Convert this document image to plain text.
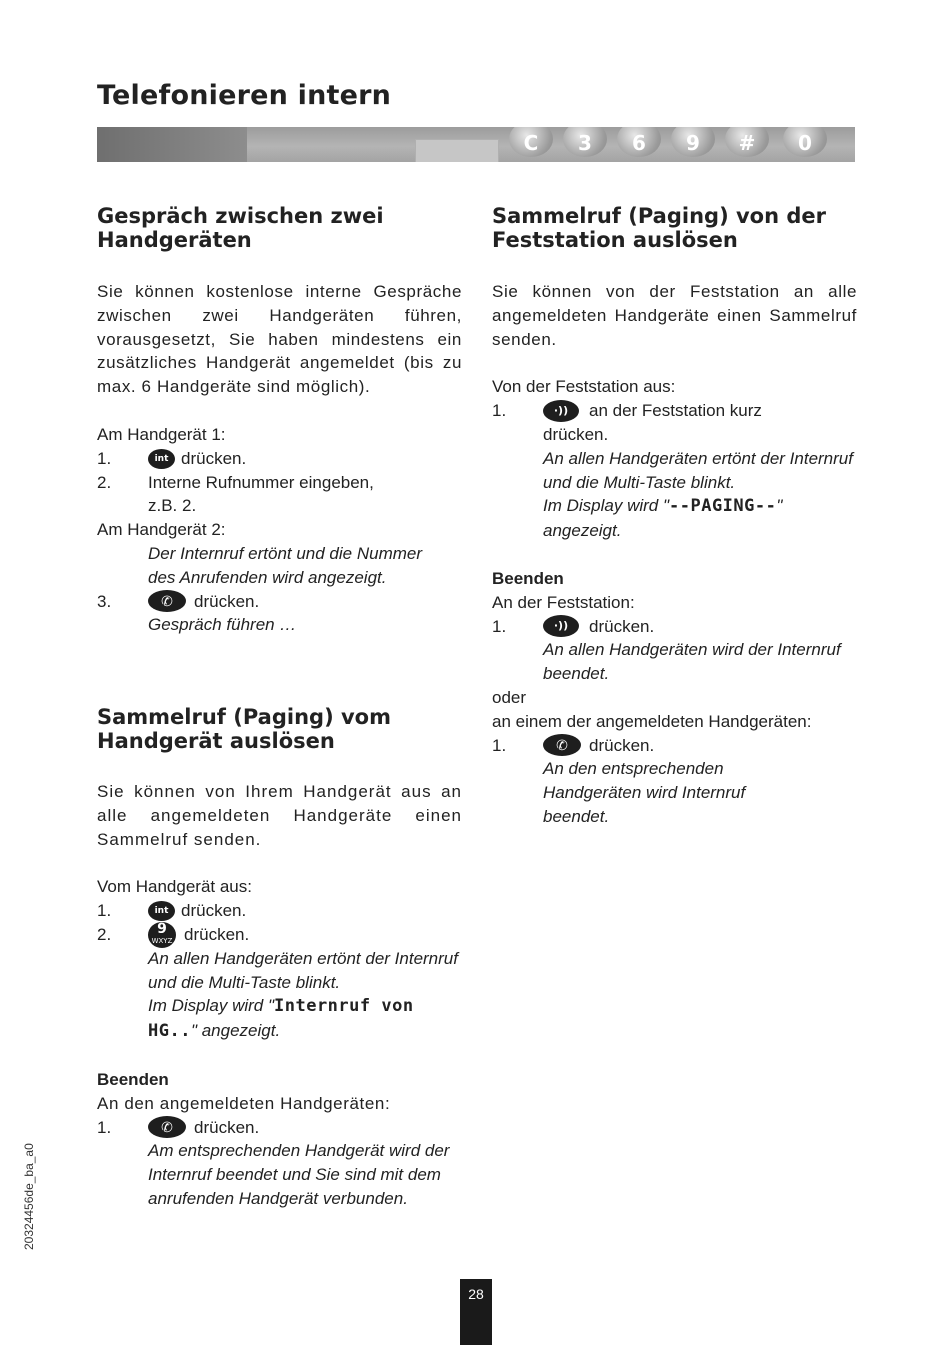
Telefonieren intern
C	3	6	9	#	0
Gespräch zwischen zwei
Handgeräten
Sie können kostenlose interne Gespräche zwischen zwei Handgeräten führen, vorausgesetzt, Sie haben mindestens ein zusätzliches Handgerät angemeldet (bis zu max. 6 Handgeräte sind möglich).
Am Handgerät 1:
1.	int drücken.
2.	Interne Rufnummer eingeben,
z.B. 2.
Am Handgerät 2:
Der Internruf ertönt und die Nummer des Anrufenden wird angezeigt.
3.	✆	drücken.
Gespräch führen …
Sammelruf (Paging) vom
Handgerät auslösen
Sie können von Ihrem Handgerät aus an alle angemeldeten Handgeräte einen Sammelruf senden.
Vom Handgerät aus:
1.	int drücken.
2.	9
WXYZ drücken.
An allen Handgeräten ertönt der Internruf und die Multi-Taste blinkt.
Im Display wird "Internruf von HG.." angezeigt.
Beenden
An den angemeldeten Handgeräten:
1.	✆	drücken.
Am entsprechenden Handgerät wird der Internruf beendet und Sie sind mit dem anrufenden Handgerät verbunden.
Sammelruf (Paging) von der
Feststation auslösen
Sie können von der Feststation an alle angemeldeten Handgeräte einen Sammelruf senden.
Von der Feststation aus:
1.	·))	an der Feststation kurz
drücken.
An allen Handgeräten ertönt der Internruf und die Multi-Taste blinkt.
Im Display wird "--PAGING--"
angezeigt.
Beenden
An der Feststation:
1.	·))	drücken.
An allen Handgeräten wird der Internruf beendet.
oder
an einem der angemeldeten Handgeräten:
1.	✆	drücken.
An den entsprechenden Handgeräten wird Internruf beendet.
20324456de_ba_a0
28
